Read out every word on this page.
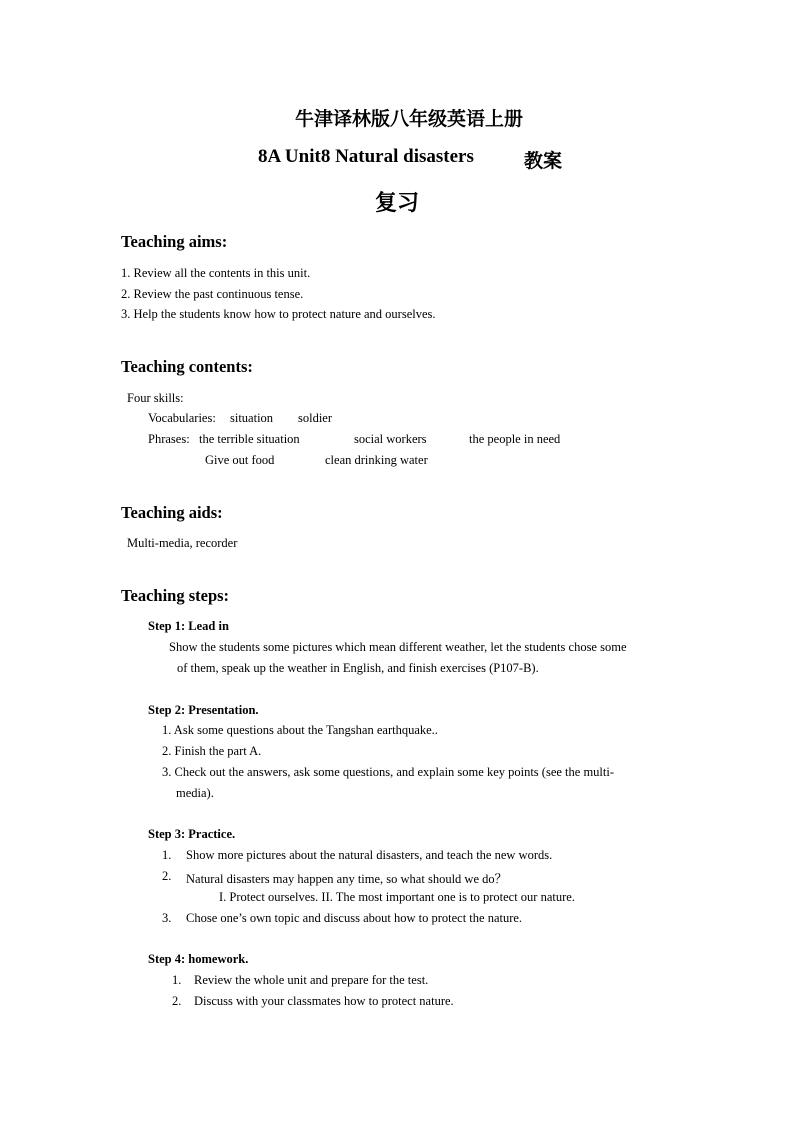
牛津译林版八年级英语上册
8A Unit8 Natural disasters	教案
复习
Teaching aims:
1. Review all the contents in this unit.
2. Review the past continuous tense.
3. Help the students know how to protect nature and ourselves.
Teaching contents:
Four skills:
Vocabularies: situation soldier
Phrases: the terrible situation	social workers	the people in need
Give out food	clean drinking water
Teaching aids:
Multi-media, recorder
Teaching steps:
Step 1: Lead in
Show the students some pictures which mean different weather, let the students chose some
of them, speak up the weather in English, and finish exercises (P107-B).
Step 2: Presentation.
1. Ask some questions about the Tangshan earthquake..
2. Finish the part A.
3. Check out the answers, ask some questions, and explain some key points (see the multi-
media).
Step 3: Practice.
1. Show more pictures about the natural disasters, and teach the new words.
2. Natural disasters may happen any time, so what should we do？
I. Protect ourselves. II. The most important one is to protect our nature.
3. Chose one’s own topic and discuss about how to protect the nature.
Step 4: homework.
1. Review the whole unit and prepare for the test.
2. Discuss with your classmates how to protect nature.
